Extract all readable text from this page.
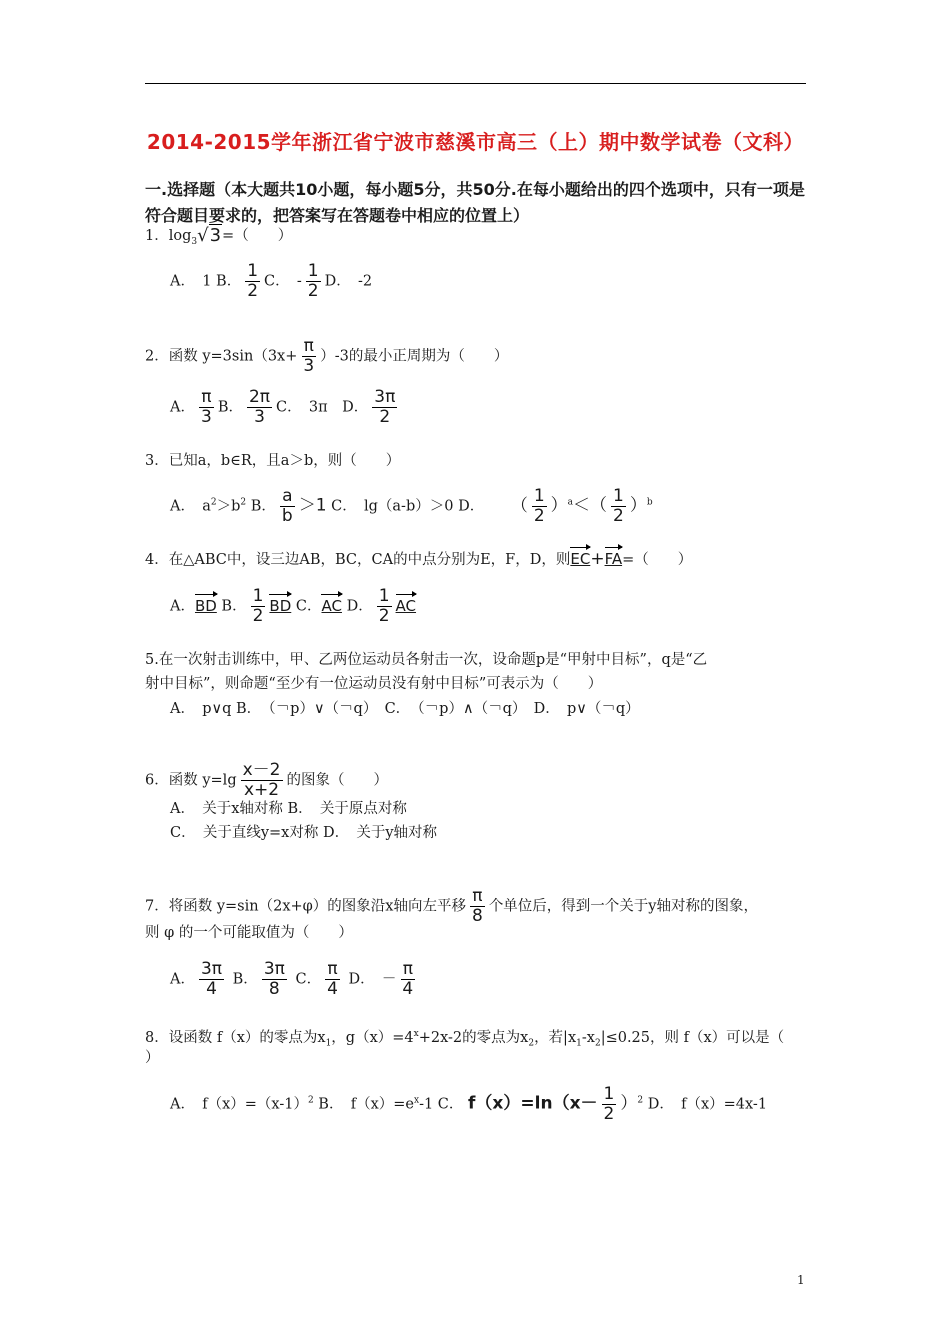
2014-2015学年浙江省宁波市慈溪市高三（上）期中数学试卷（文科）
一.选择题（本大题共10小题，每小题5分，共50分.在每小题给出的四个选项中，只有一项是符合题目要求的，把答案写在答题卷中相应的位置上）
1．$\log_3√3=$（　　）
A．　1 B． $\frac{1}{2}$ C．　- $\frac{1}{2}$ D．　-2
2．函数 $y=3\sin(3x+ \frac{\pi}{3} )-3$的最小正周期为（　　）
A． $\frac{\pi}{3}$ B． $\frac{2\pi}{3}$ C．　3π　D． $\frac{3\pi}{2}$
3．已知a，b∈R，且a＞b，则（　　）
A．　$a^2>b^2$ B． $\frac{a}{b} >1$ C．　lg（a-b）＞0 D． （ $\frac{1}{2} )^a<( \frac{1}{2} )^b$
4．在△ABC中，设三边AB，BC，CA的中点分别为E，F，D，则EC+FA=（　　）
A．BD B． $\frac{1}{2}$ BD C．AC D． $\frac{1}{2}$ AC
5.在一次射击训练中，甲、乙两位运动员各射击一次，设命题p是“甲射中目标”，q是“乙
射中目标”，则命题“至少有一位运动员没有射中目标”可表示为（　　）
A．　p∨q B．　（￢p）∨（￢q）　C．　（￢p）∧（￢q）　D．　p∨（￢q）
6．函数 $y=\lg \frac{x-2}{x+2}$ 的图象（　　）
A．　关于x轴对称 B．　关于原点对称
C．　关于直线y=x对称 D．　关于y轴对称
7．将函数 y=sin（2x+φ）的图象沿x轴向左平移 $\frac{\pi}{8}$ 个单位后，得到一个关于y轴对称的图象，
则 φ 的一个可能取值为（　　）
A． $\frac{3\pi}{4}$ B． $\frac{3\pi}{8}$ C． $\frac{\pi}{4}$ D．　－ $\frac{\pi}{4}$
8．设函数 f（x）的零点为$x_1$，$g(x)=4^x+2x-2$的零点为$x_2$，若$|x_1-x_2|\le 0.25$，则 f（x）可以是（
）
A．　$f(x)=(x-1)^2$ B．　$f(x)=e^x-1$ C． $f(x)=\ln(x- \frac{1}{2} )^2$ D．　f（x）=4x-1
1
